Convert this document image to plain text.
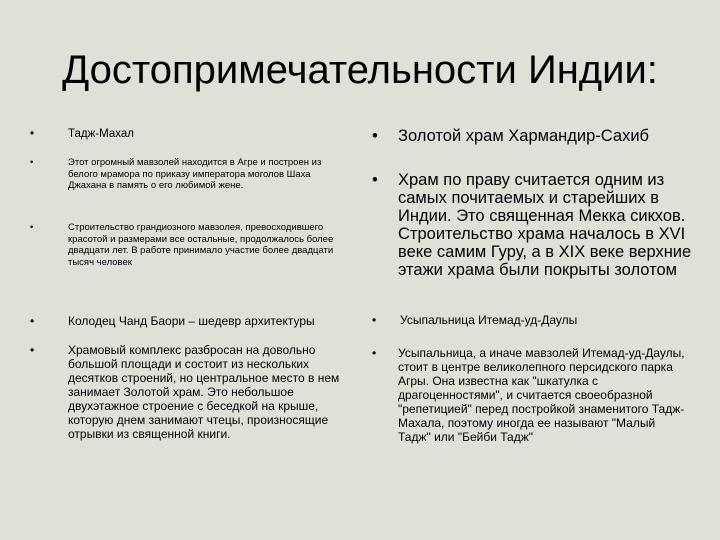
Достопримечательности Индии:
•	Тадж-Махал
•	Этот огромный мавзолей находится в Агре и построен из белого мрамора по приказу императора моголов Шаха Джахана в память о его любимой жене.
•	Строительство грандиозного мавзолея, превосходившего красотой и размерами все остальные, продолжалось более двадцати лет. В работе принимало участие более двадцати тысяч человек
•	Колодец Чанд Баори – шедевр архитектуры
•	Храмовый комплекс разбросан на довольно большой площади и состоит из нескольких десятков строений, но центральное место в нем занимает Золотой храм. Это небольшое двухэтажное строение с беседкой на крыше, которую днем занимают чтецы, произносящие отрывки из священной книги.
• Золотой храм Хармандир-Сахиб
• Храм по праву считается одним из самых почитаемых и старейших в Индии. Это священная Мекка сикхов. Строительство храма началось в XVI веке самим Гуру, а в XIX веке верхние этажи храма были покрыты золотом
• Усыпальница Итемад-уд-Даулы
• Усыпальница, а иначе мавзолей Итемад-уд-Даулы, стоит в центре великолепного персидского парка Агры. Она известна как "шкатулка с драгоценностями", и считается своеобразной "репетицией" перед постройкой знаменитого Тадж-Махала, поэтому иногда ее называют "Малый Тадж" или "Бейби Тадж"
